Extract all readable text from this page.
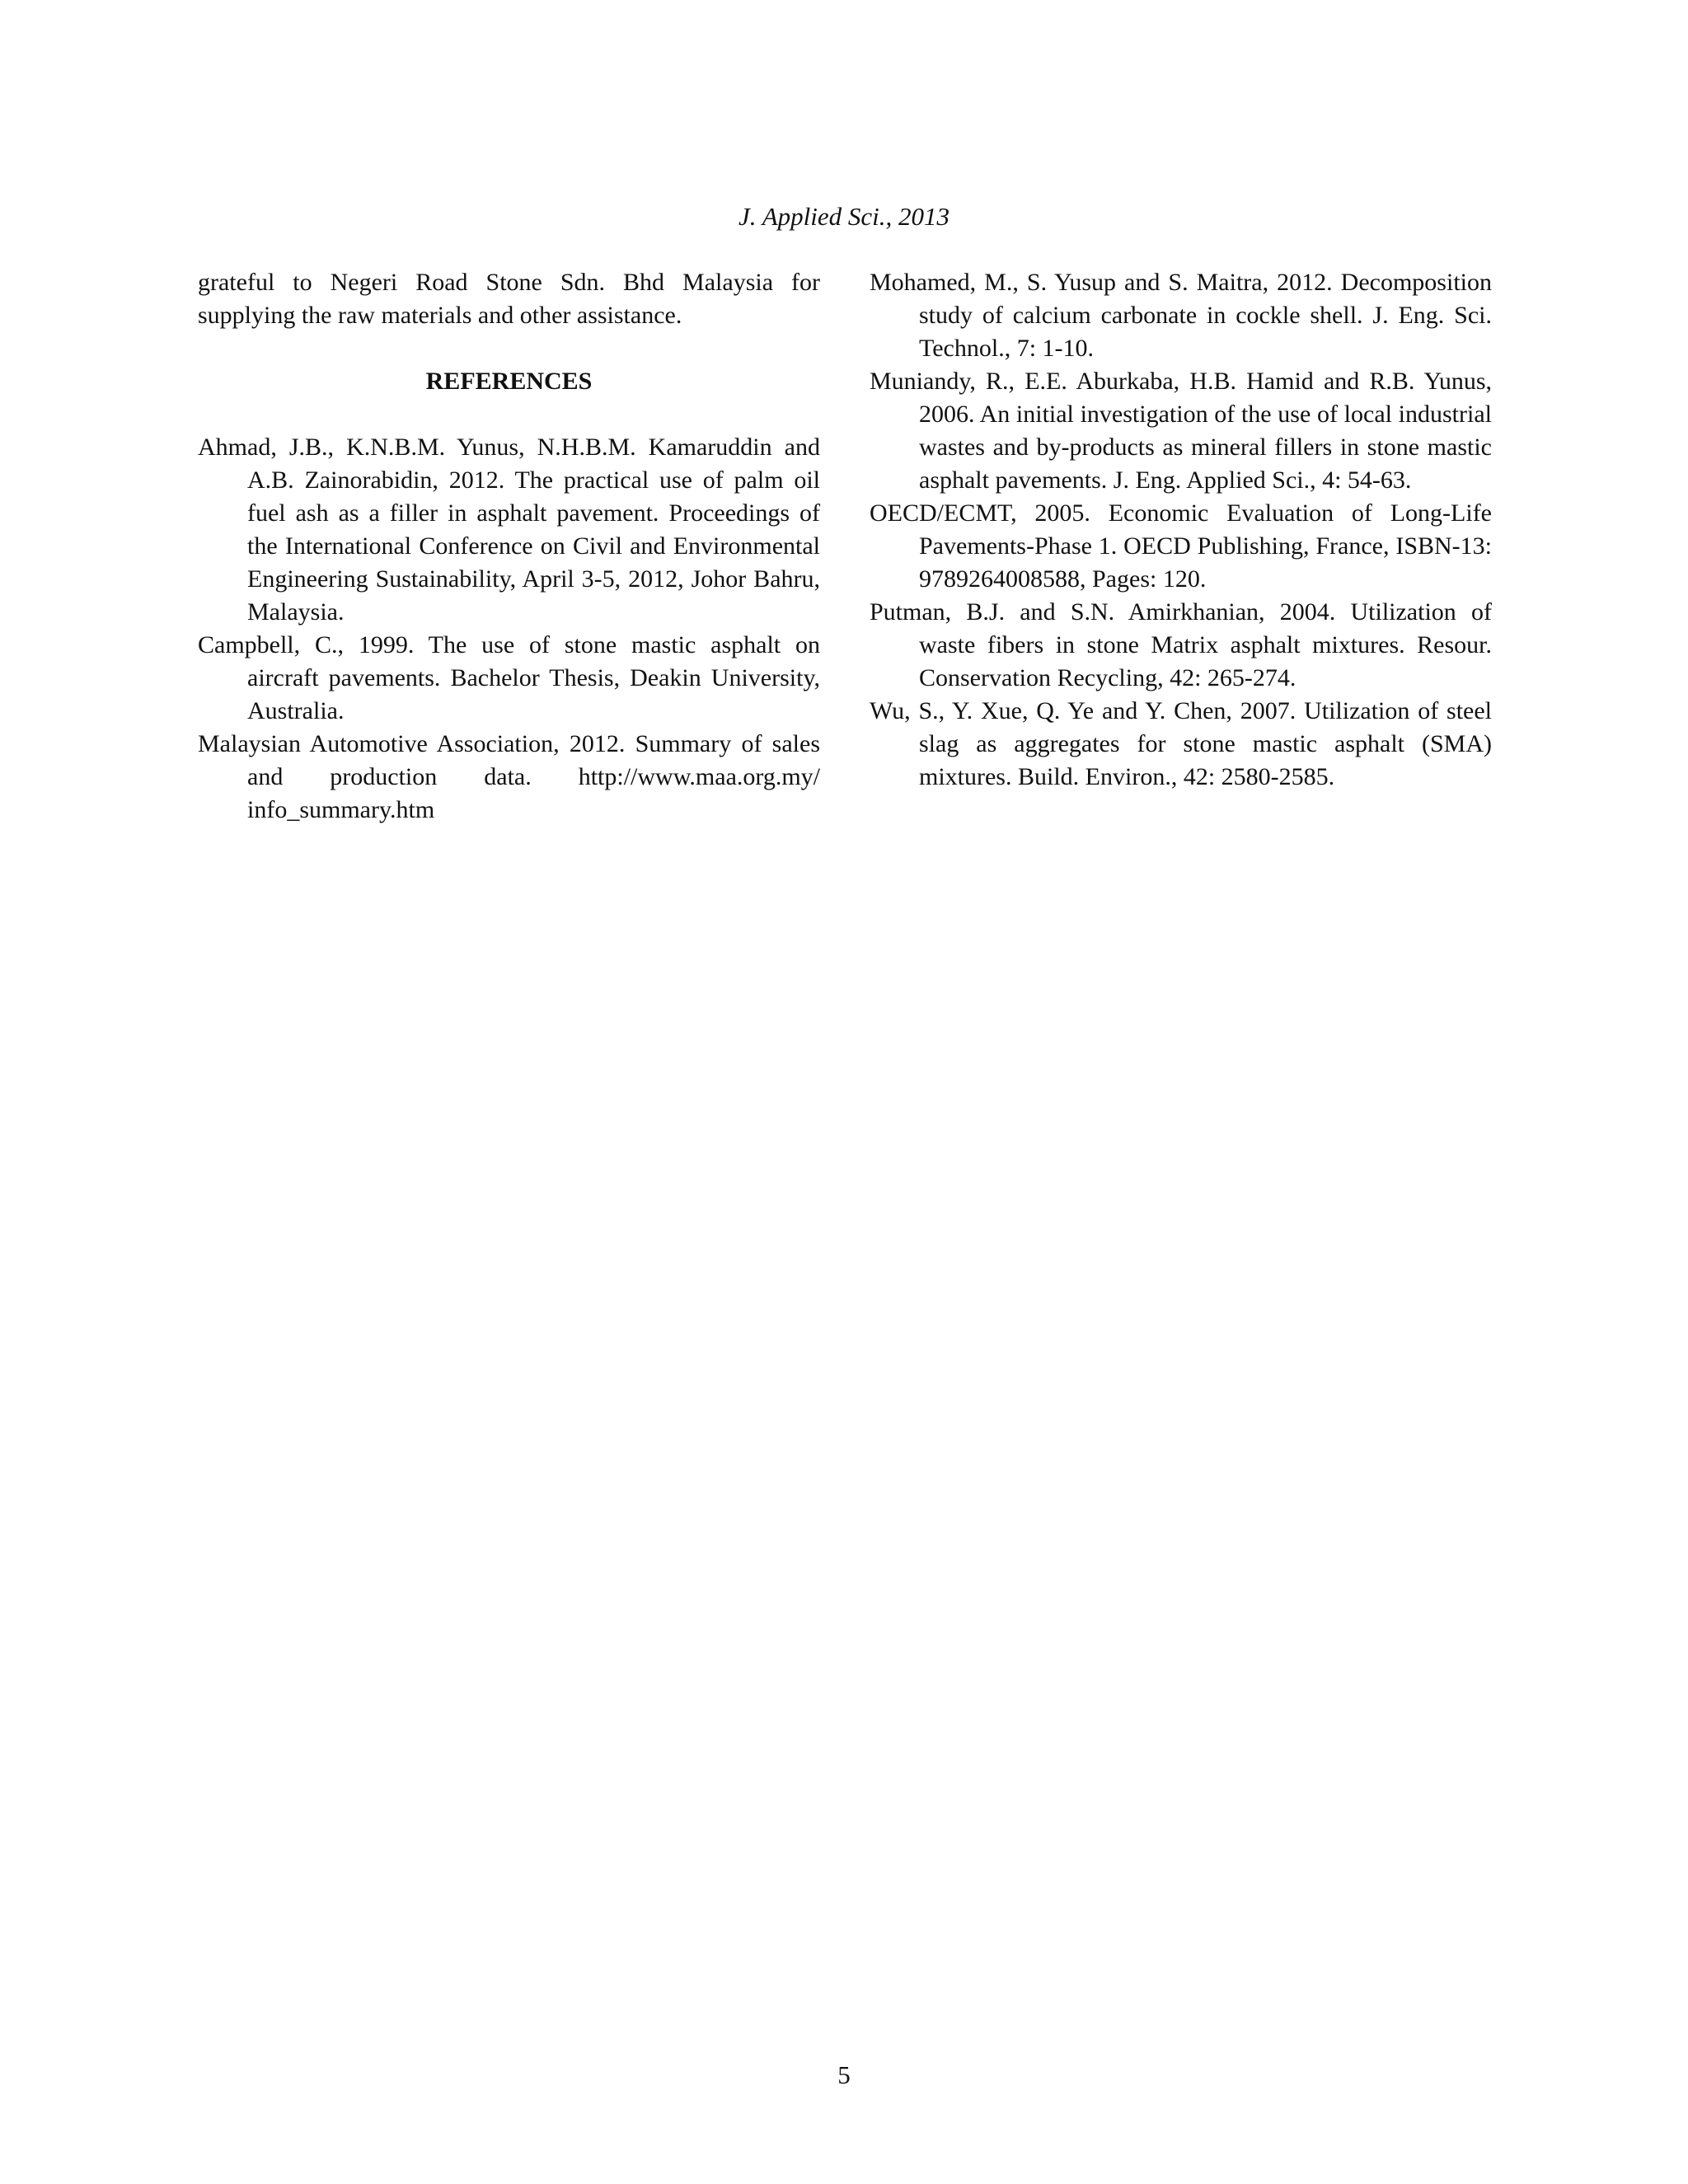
J. Applied Sci., 2013

grateful to Negeri Road Stone Sdn. Bhd Malaysia for supplying the raw materials and other assistance.

REFERENCES

Ahmad, J.B., K.N.B.M. Yunus, N.H.B.M. Kamaruddin and A.B. Zainorabidin, 2012. The practical use of palm oil fuel ash as a filler in asphalt pavement. Proceedings of the International Conference on Civil and Environmental Engineering Sustainability, April 3-5, 2012, Johor Bahru, Malaysia.

Campbell, C., 1999. The use of stone mastic asphalt on aircraft pavements. Bachelor Thesis, Deakin University, Australia.

Malaysian Automotive Association, 2012. Summary of sales and production data. http://www.maa.org.my/ info_summary.htm

Mohamed, M., S. Yusup and S. Maitra, 2012. Decomposition study of calcium carbonate in cockle shell. J. Eng. Sci. Technol., 7: 1-10.

Muniandy, R., E.E. Aburkaba, H.B. Hamid and R.B. Yunus, 2006. An initial investigation of the use of local industrial wastes and by-products as mineral fillers in stone mastic asphalt pavements. J. Eng. Applied Sci., 4: 54-63.

OECD/ECMT, 2005. Economic Evaluation of Long-Life Pavements-Phase 1. OECD Publishing, France, ISBN-13: 9789264008588, Pages: 120.

Putman, B.J. and S.N. Amirkhanian, 2004. Utilization of waste fibers in stone Matrix asphalt mixtures. Resour. Conservation Recycling, 42: 265-274.

Wu, S., Y. Xue, Q. Ye and Y. Chen, 2007. Utilization of steel slag as aggregates for stone mastic asphalt (SMA) mixtures. Build. Environ., 42: 2580-2585.

5
